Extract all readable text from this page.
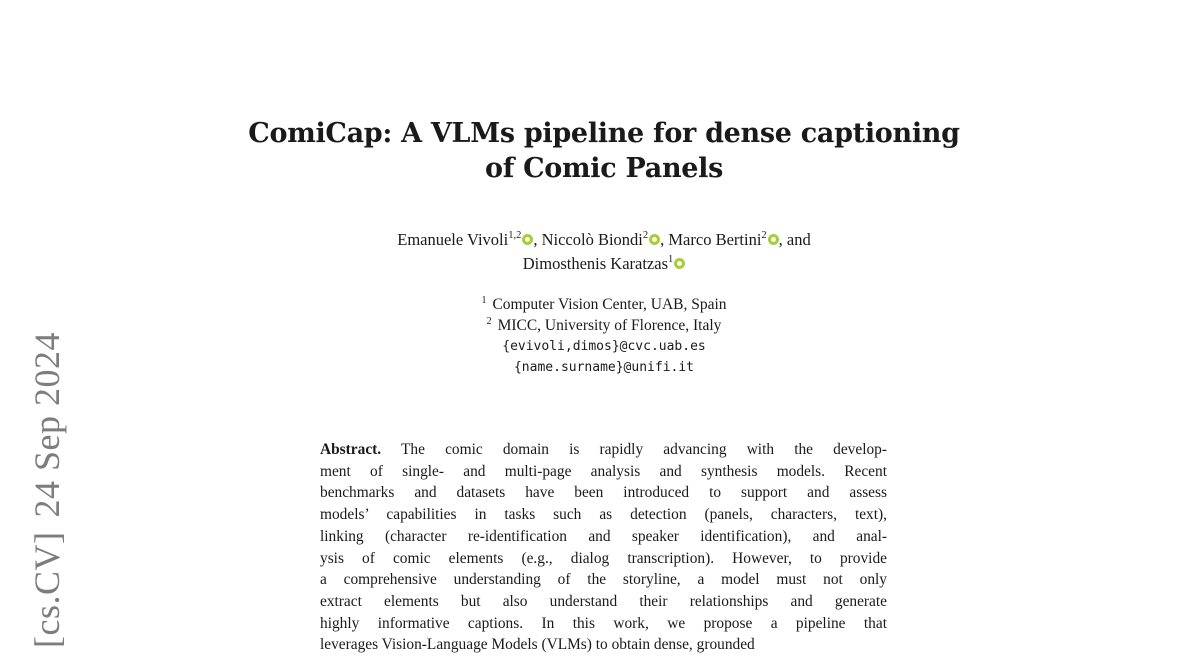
[cs.CV]24 Sep 2024
ComiCap: A VLMs pipeline for dense captioning
of Comic Panels
Emanuele Vivoli$^{1,2}$ , Niccolò Biondi$^2$ , Marco Bertini$^2$ , and
Dimosthenis Karatzas$^1$
$^1$ Computer Vision Center, UAB, Spain
$^2$ MICC, University of Florence, Italy
{evivoli,dimos}@cvc.uab.es
{name.surname}@unifi.it
Abstract. The comic domain is rapidly advancing with the develop-
ment of single- and multi-page analysis and synthesis models. Recent
benchmarks and datasets have been introduced to support and assess
models’ capabilities in tasks such as detection (panels, characters, text),
linking (character re-identification and speaker identification), and anal-
ysis of comic elements (e.g., dialog transcription). However, to provide
a comprehensive understanding of the storyline, a model must not only
extract elements but also understand their relationships and generate
highly informative captions. In this work, we propose a pipeline that
leverages Vision-Language Models (VLMs) to obtain dense, grounded
